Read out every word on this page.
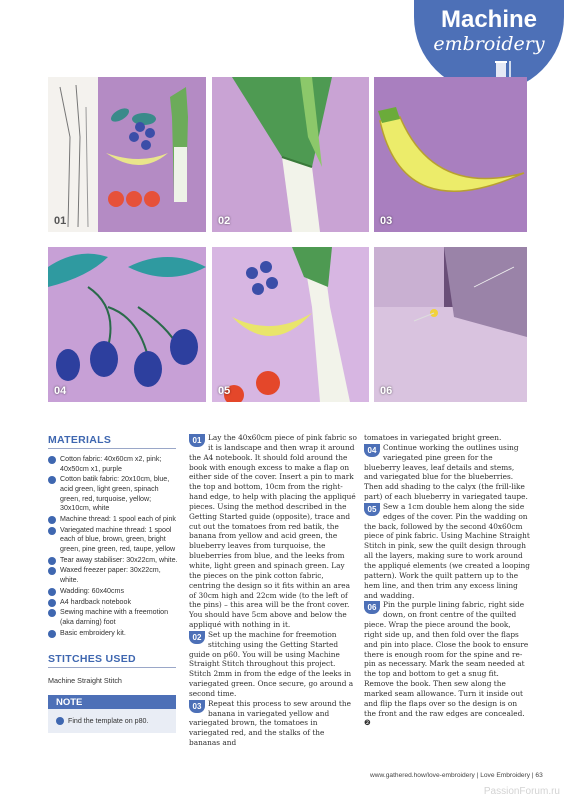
Machine
embroidery
01	02	03
04	05	06
MATERIALS
Cotton fabric: 40x60cm x2, pink; 40x50cm x1, purple
Cotton batik fabric: 20x10cm, blue, acid green, light green, spinach green, red, turquoise, yellow; 30x10cm, white
Machine thread: 1 spool each of pink
Variegated machine thread: 1 spool each of blue, brown, green, bright green, pine green, red, taupe, yellow
Tear away stabiliser: 30x22cm, white.
Waxed freezer paper: 30x22cm, white.
Wadding: 60x40cms
A4 hardback notebook
Sewing machine with a freemotion (aka darning) foot
Basic embroidery kit.
STITCHES USED
Machine Straight Stitch
NOTE
Find the template on p80.
01 Lay the 40x60cm piece of pink fabric so it is landscape and then wrap it around the A4 notebook. It should fold around the book with enough excess to make a flap on either side of the cover. Insert a pin to mark the top and bottom, 10cm from the right-hand edge, to help with placing the appliqué pieces. Using the method described in the Getting Started guide (opposite), trace and cut out the tomatoes from red batik, the banana from yellow and acid green, the blueberry leaves from turquoise, the blueberries from blue, and the leeks from white, light green and spinach green. Lay the pieces on the pink cotton fabric, centring the design so it fits within an area of 30cm high and 22cm wide (to the left of the pins) – this area will be the front cover. You should have 5cm above and below the appliqué with nothing in it.
02 Set up the machine for freemotion stitching using the Getting Started guide on p60. You will be using Machine Straight Stitch throughout this project. Stitch 2mm in from the edge of the leeks in variegated green. Once secure, go around a second time.
03 Repeat this process to sew around the banana in variegated yellow and variegated brown, the tomatoes in variegated red, and the stalks of the bananas and
tomatoes in variegated bright green.
04 Continue working the outlines using variegated pine green for the blueberry leaves, leaf details and stems, and variegated blue for the blueberries. Then add shading to the calyx (the frill-like part) of each blueberry in variegated taupe.
05 Sew a 1cm double hem along the side edges of the cover. Pin the wadding on the back, followed by the second 40x60cm piece of pink fabric. Using Machine Straight Stitch in pink, sew the quilt design through all the layers, making sure to work around the appliqué elements (we created a looping pattern). Work the quilt pattern up to the hem line, and then trim any excess lining and wadding.
06 Pin the purple lining fabric, right side down, on front centre of the quilted piece. Wrap the piece around the book, right side up, and then fold over the flaps and pin into place. Close the book to ensure there is enough room for the spine and re-pin as necessary. Mark the seam needed at the top and bottom to get a snug fit. Remove the book. Then sew along the marked seam allowance. Turn it inside out and flip the flaps over so the design is on the front and the raw edges are concealed. ❷
www.gathered.how/love-embroidery | Love Embroidery | 63
PassionForum.ru
